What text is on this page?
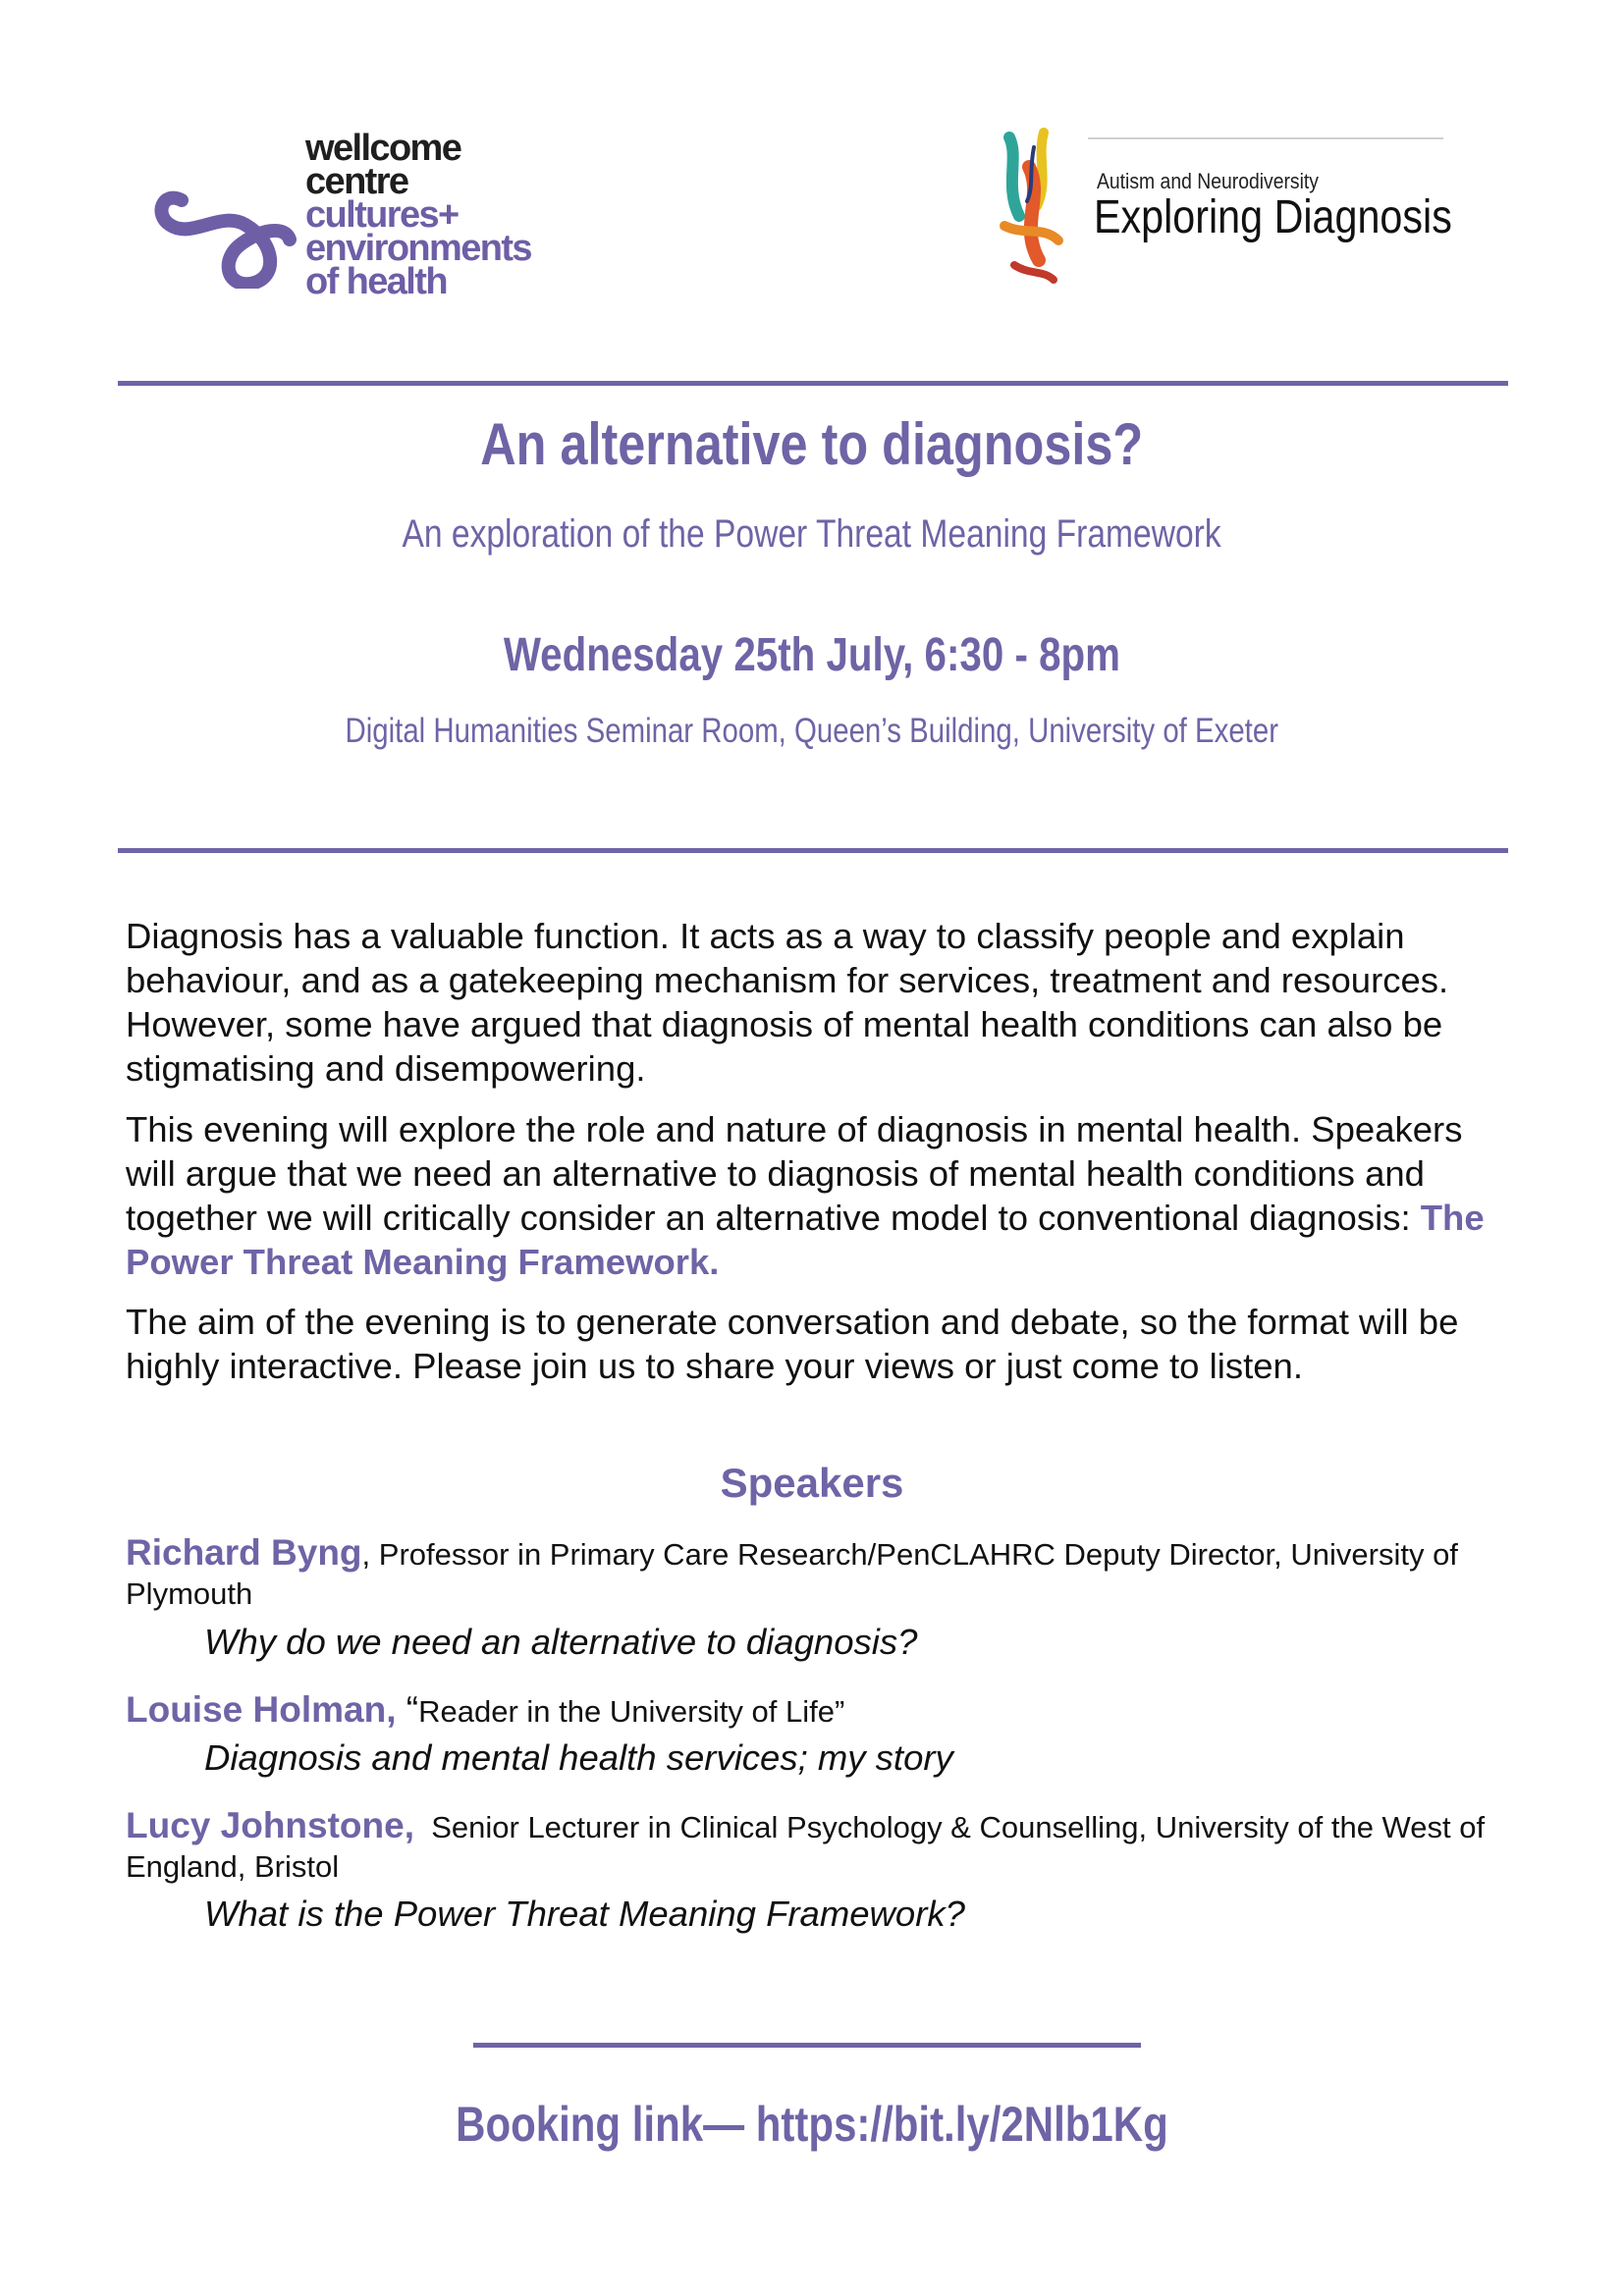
wellcome
centre
cultures+
environments
of health
Autism and Neurodiversity
Exploring Diagnosis
An alternative to diagnosis?
An exploration of the Power Threat Meaning Framework
Wednesday 25th July, 6:30 - 8pm
Digital Humanities Seminar Room, Queen’s Building, University of Exeter
Diagnosis has a valuable function. It acts as a way to classify people and explain behaviour, and as a gatekeeping mechanism for services, treatment and resources. However, some have argued that diagnosis of mental health conditions can also be stigmatising and disempowering.
This evening will explore the role and nature of diagnosis in mental health. Speakers will argue that we need an alternative to diagnosis of mental health conditions and together we will critically consider an alternative model to conventional diagnosis: The Power Threat Meaning Framework.
The aim of the evening is to generate conversation and debate, so the format will be highly interactive. Please join us to share your views or just come to listen.
Speakers
Richard Byng, Professor in Primary Care Research/PenCLAHRC Deputy Director, University of Plymouth
Why do we need an alternative to diagnosis?
Louise Holman, “Reader in the University of Life”
Diagnosis and mental health services; my story
Lucy Johnstone, Senior Lecturer in Clinical Psychology & Counselling, University of the West of England, Bristol
What is the Power Threat Meaning Framework?
Booking link— https://bit.ly/2Nlb1Kg
